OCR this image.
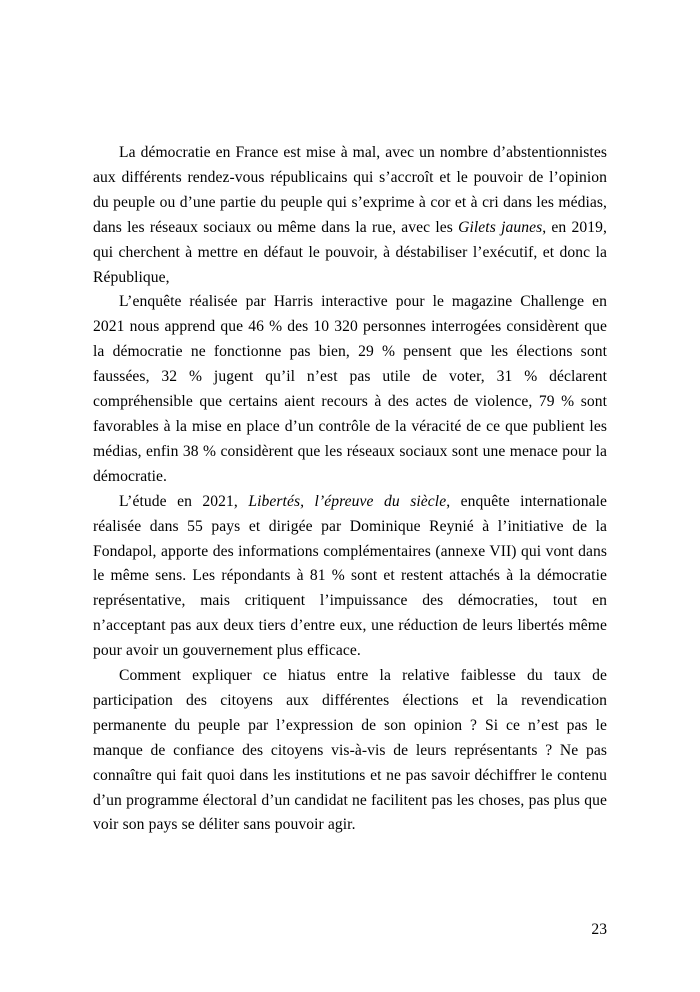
La démocratie en France est mise à mal, avec un nombre d’abstentionnistes aux différents rendez-vous républicains qui s’accroît et le pouvoir de l’opinion du peuple ou d’une partie du peuple qui s’exprime à cor et à cri dans les médias, dans les réseaux sociaux ou même dans la rue, avec les Gilets jaunes, en 2019, qui cherchent à mettre en défaut le pouvoir, à déstabiliser l’exécutif, et donc la République,

L’enquête réalisée par Harris interactive pour le magazine Challenge en 2021 nous apprend que 46 % des 10 320 personnes interrogées considèrent que la démocratie ne fonctionne pas bien, 29 % pensent que les élections sont faussées, 32 % jugent qu’il n’est pas utile de voter, 31 % déclarent compréhensible que certains aient recours à des actes de violence, 79 % sont favorables à la mise en place d’un contrôle de la véracité de ce que publient les médias, enfin 38 % considèrent que les réseaux sociaux sont une menace pour la démocratie.

L’étude en 2021, Libertés, l’épreuve du siècle, enquête internationale réalisée dans 55 pays et dirigée par Dominique Reynié à l’initiative de la Fondapol, apporte des informations complémentaires (annexe VII) qui vont dans le même sens. Les répondants à 81 % sont et restent attachés à la démocratie représentative, mais critiquent l’impuissance des démocraties, tout en n’acceptant pas aux deux tiers d’entre eux, une réduction de leurs libertés même pour avoir un gouvernement plus efficace.

Comment expliquer ce hiatus entre la relative faiblesse du taux de participation des citoyens aux différentes élections et la revendication permanente du peuple par l’expression de son opinion ? Si ce n’est pas le manque de confiance des citoyens vis-à-vis de leurs représentants ? Ne pas connaître qui fait quoi dans les institutions et ne pas savoir déchiffrer le contenu d’un programme électoral d’un candidat ne facilitent pas les choses, pas plus que voir son pays se déliter sans pouvoir agir.

23
